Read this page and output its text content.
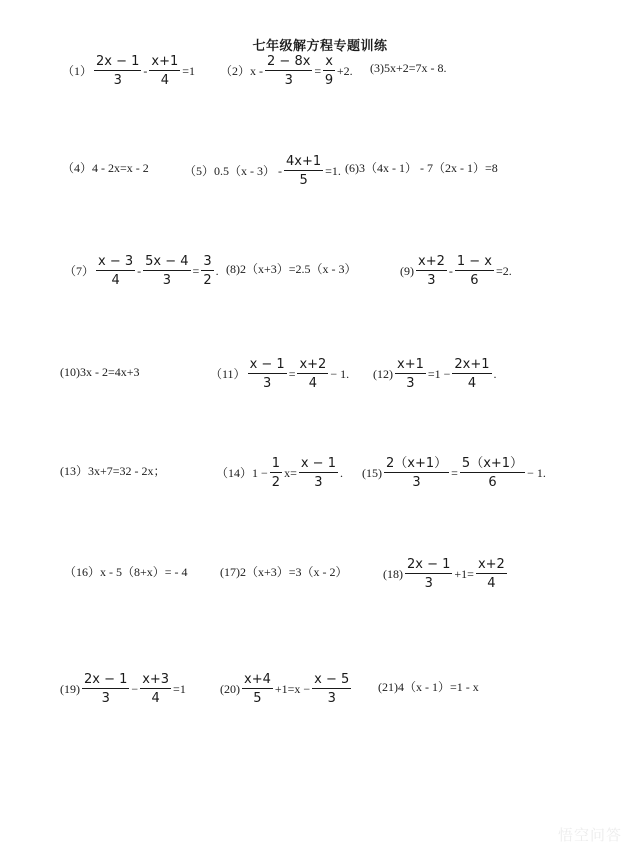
七年级解方程专题训练
$(1) \frac{2x - 1}{3} - \frac{x+1}{4} =1$ （2） $x - \frac{2 - 8x}{3} = \frac{x}{9} +2$. (3) 5x+2=7x - 8.
（4） 4 - 2x=x - 2	（5） $0.5(x - 3) - \frac{4x+1}{5} =1$. (6) 3（4x - 1） - 7（2x - 1）=8
$(7) \frac{x - 3}{4} - \frac{5x - 4}{3} = \frac{3}{2}$ . (8) 2（x+3）=2.5（x - 3）	$(9) \frac{x+2}{3} - \frac{1 - x}{6} =2$.
(10) 3x - 2=4x+3	$(11) \frac{x - 1}{3} = \frac{x+2}{4} - 1$. $(12) \frac{x+1}{3} =1 - \frac{2x+1}{4}$ .
(13） 3x+7=32 - 2x；	（14） $1 - \frac{1}{2} x= \frac{x - 1}{3}$ . $(15) \frac{2(x+1)}{3} = \frac{5(x+1)}{6} - 1$.
（16） x - 5（8+x）= - 4	(17) 2（x+3）=3（x - 2）	$(18) \frac{2x - 1}{3} +1= \frac{x+2}{4}$
$(19) \frac{2x - 1}{3} - \frac{x+3}{4} =1$	$(20) \frac{x+4}{5} +1=x - \frac{x - 5}{3} (21)$ 4（x - 1）=1 - x
悟空问答
